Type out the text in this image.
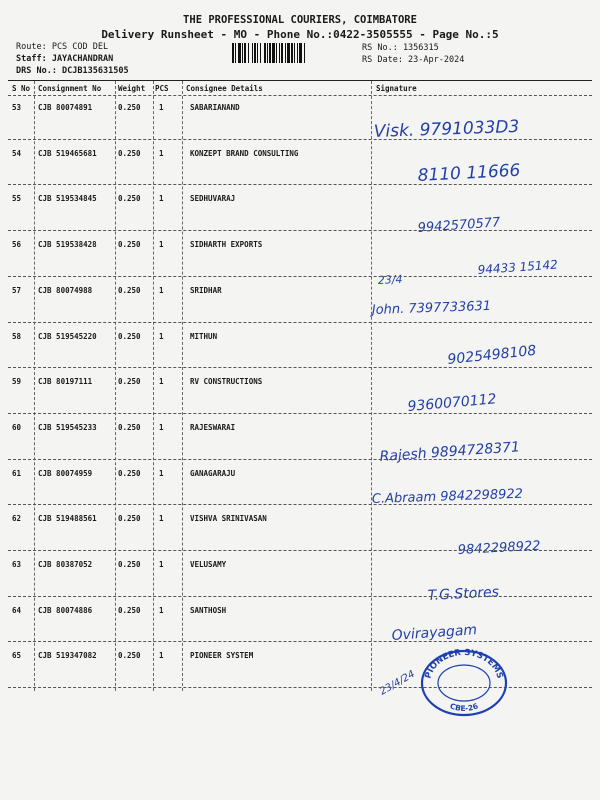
THE PROFESSIONAL COURIERS, COIMBATORE
Delivery Runsheet - MO - Phone No.:0422-3505555 - Page No.:5
Route: PCS COD DEL
Staff: JAYACHANDRAN
DRS No.: DCJB135631505
RS No.: 1356315
RS Date: 23-Apr-2024
S No Consignment No Weight PCS Consignee Details	Signature
53 CJB 80074891	0.250 1	SABARIANAND
Visk. 9791033D3
54 CJB 519465681	0.250 1	KONZEPT BRAND CONSULTING
8110 11666
55 CJB 519534845	0.250 1	SEDHUVARAJ
9942570577
56 CJB 519538428	0.250 1	SIDHARTH EXPORTS
23/4
94433 15142
57 CJB 80074988	0.250 1	SRIDHAR
John. 7397733631
58 CJB 519545220	0.250 1	MITHUN
9025498108
59 CJB 80197111	0.250 1	RV CONSTRUCTIONS
9360070112
60 CJB 519545233	0.250 1	RAJESWARAI
Rajesh 9894728371
61 CJB 80074959	0.250 1	GANAGARAJU
C.Abraam 9842298922
62 CJB 519488561	0.250 1	VISHVA SRINIVASAN
9842298922
63 CJB 80387052	0.250 1	VELUSAMY
T.G.Stores
64 CJB 80074886	0.250 1	SANTHOSH
Ovirayagam
65 CJB 519347082	0.250 1	PIONEER SYSTEM
23/4/24 PIONEER SYSTEMS
CBE-26
